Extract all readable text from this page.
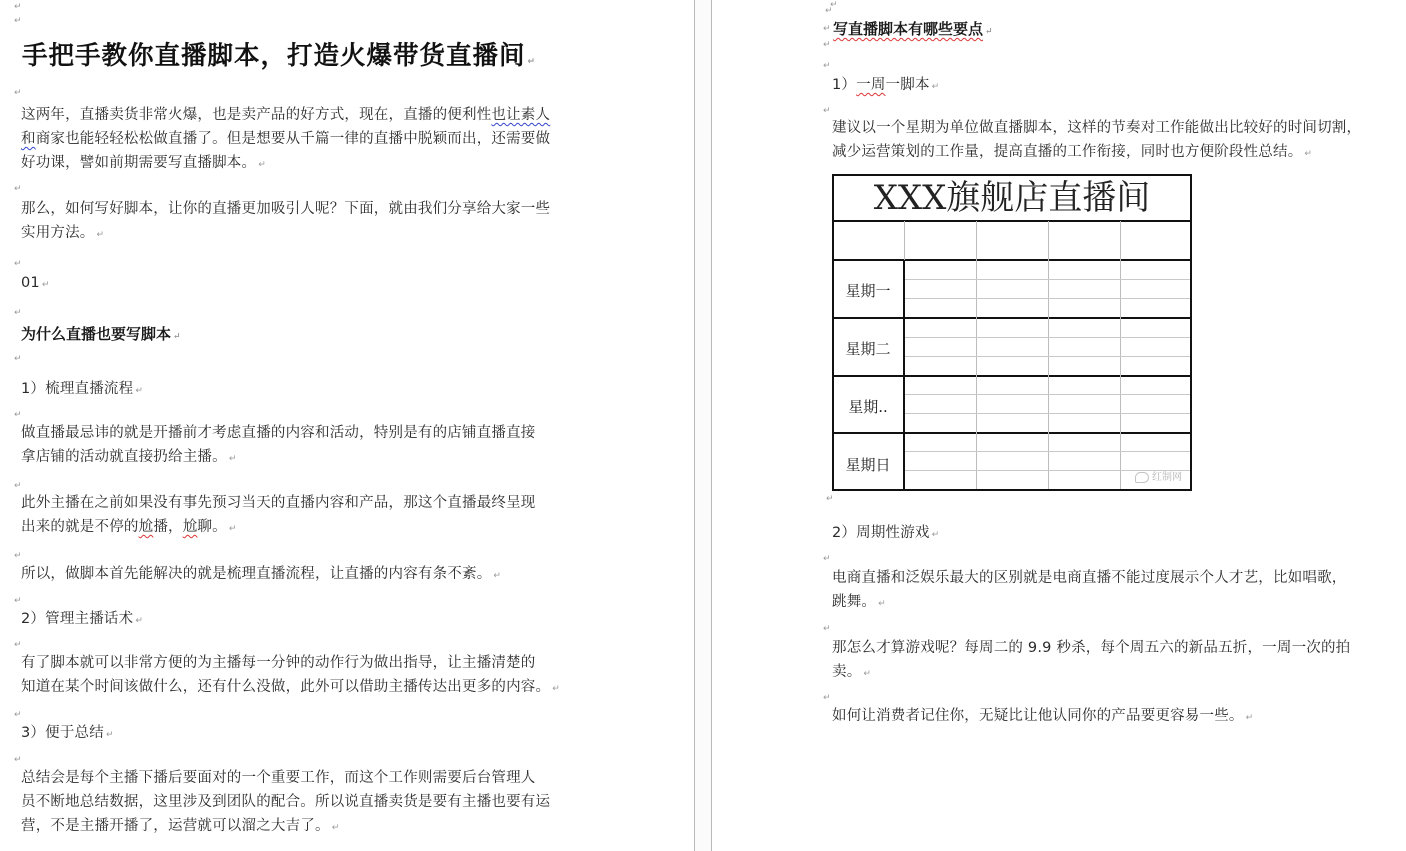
↵
↵
手把手教你直播脚本，打造火爆带货直播间 ↵
↵
这两年，直播卖货非常火爆，也是卖产品的好方式，现在，直播的便利性也让素人
和商家也能轻轻松松做直播了。但是想要从千篇一律的直播中脱颖而出，还需要做
好功课，譬如前期需要写直播脚本。 ↵
↵
那么，如何写好脚本，让你的直播更加吸引人呢？下面，就由我们分享给大家一些
实用方法。 ↵
↵
01 ↵
↵
为什么直播也要写脚本 ↵
↵
1）梳理直播流程 ↵
↵
做直播最忌讳的就是开播前才考虑直播的内容和活动，特别是有的店铺直播直接
拿店铺的活动就直接扔给主播。 ↵
↵
此外主播在之前如果没有事先预习当天的直播内容和产品，那这个直播最终呈现
出来的就是不停的尬播，尬聊。 ↵
↵
所以，做脚本首先能解决的就是梳理直播流程，让直播的内容有条不紊。 ↵
↵
2）管理主播话术 ↵
↵
有了脚本就可以非常方便的为主播每一分钟的动作行为做出指导，让主播清楚的
知道在某个时间该做什么，还有什么没做，此外可以借助主播传达出更多的内容。 ↵
↵
3）便于总结 ↵
↵
总结会是每个主播下播后要面对的一个重要工作，而这个工作则需要后台管理人
员不断地总结数据，这里涉及到团队的配合。所以说直播卖货是要有主播也要有运
营，不是主播开播了，运营就可以溜之大吉了。 ↵
↵
↵
↵ 写直播脚本有哪些要点 ↵
↵
↵
1）一周一脚本 ↵
↵
建议以一个星期为单位做直播脚本，这样的节奏对工作能做出比较好的时间切割，
减少运营策划的工作量，提高直播的工作衔接，同时也方便阶段性总结。 ↵
↵
2）周期性游戏 ↵
↵
电商直播和泛娱乐最大的区别就是电商直播不能过度展示个人才艺，比如唱歌，
跳舞。 ↵
↵
那怎么才算游戏呢？每周二的 9.9 秒杀，每个周五六的新品五折，一周一次的拍
卖。 ↵
↵
如何让消费者记住你，无疑比让他认同你的产品要更容易一些。 ↵
XXX旗舰店直播间
星期一
星期二
星期..
星期日
红制网
